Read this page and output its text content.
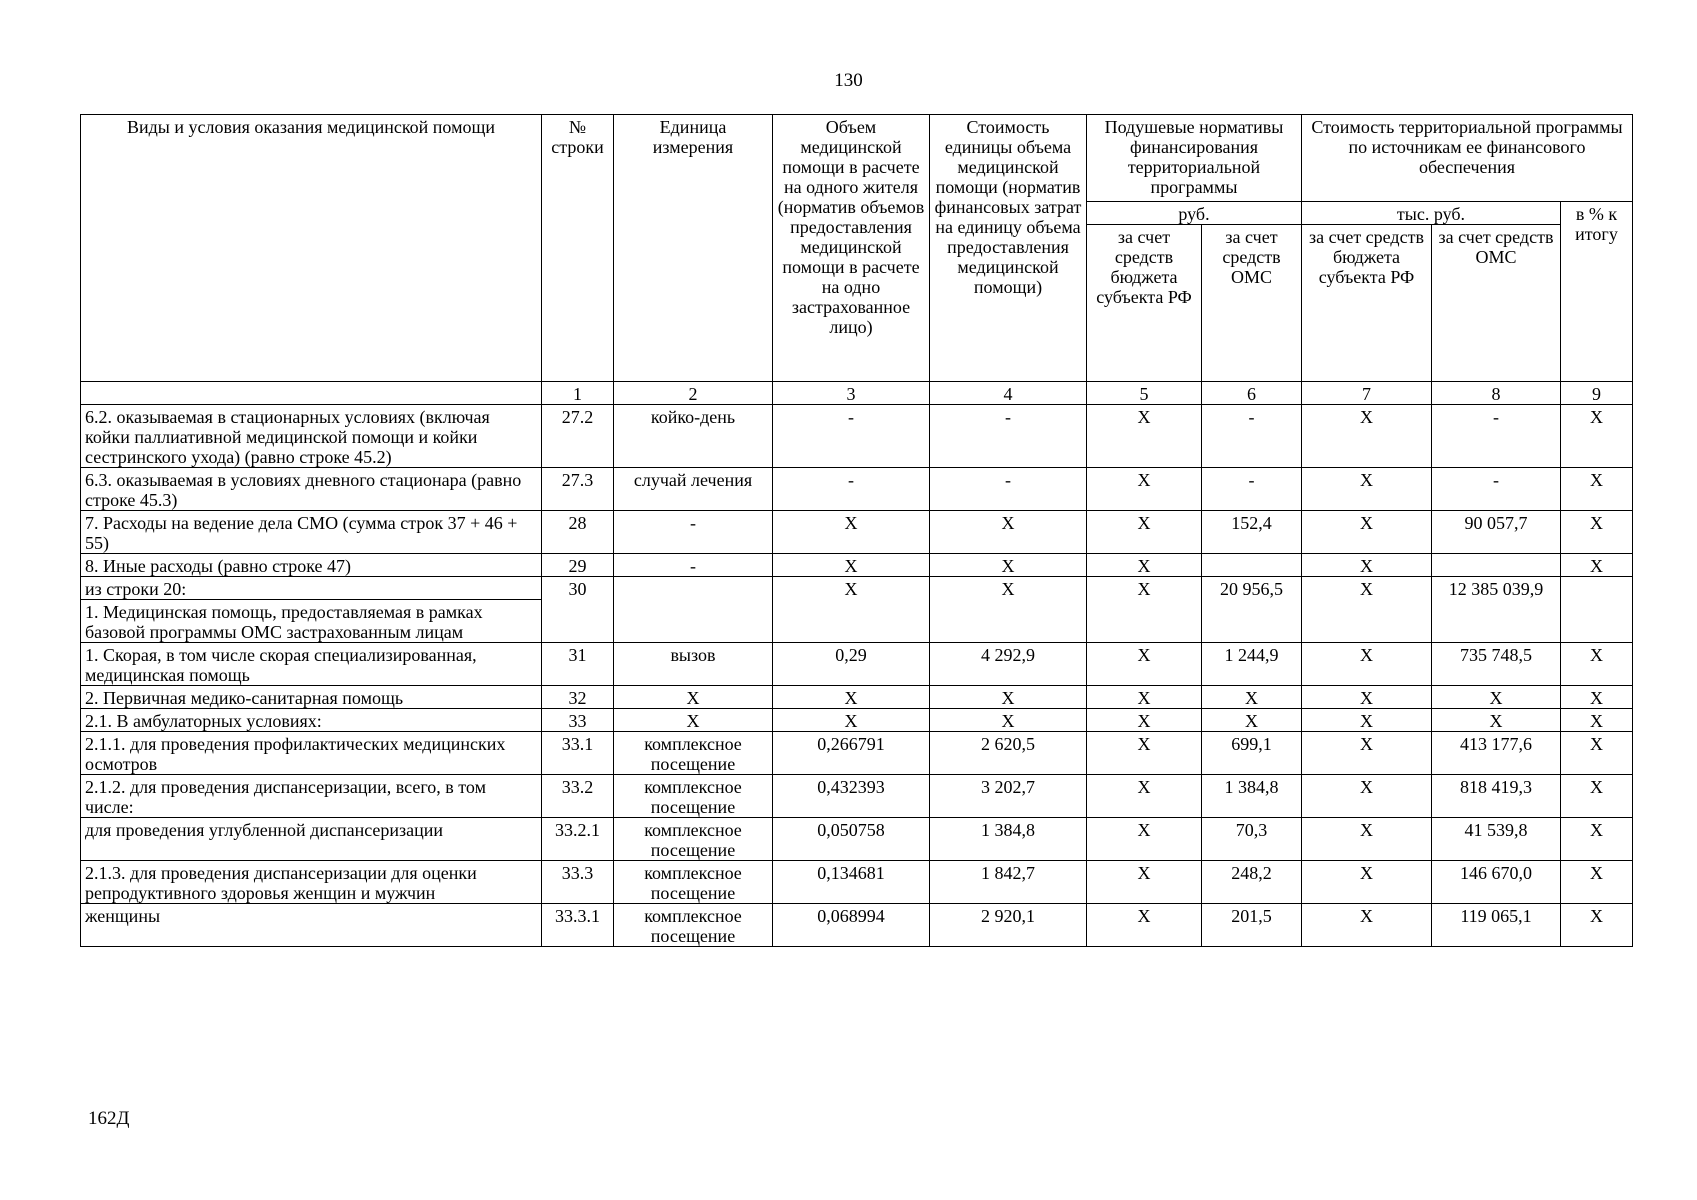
130
Виды и условия оказания медицинской помощи	№ строки	Единица измерения	Объем медицинской помощи в расчете на одного жителя (норматив объемов предоставления медицинской помощи в расчете на одно застрахованное лицо)	Стоимость единицы объема медицинской помощи (норматив финансовых затрат на единицу объема предоставления медицинской помощи)	Подушевые нормативы финансирования территориальной программы		Стоимость территориальной программы по источникам ее финансового обеспечения		
					руб.		тыс. руб.		в % к итогу
					за счет средств бюджета субъекта РФ	за счет средств ОМС	за счет средств бюджета субъекта РФ	за счет средств ОМС	
	1	2	3	4	5	6	7	8	9
6.2. оказываемая в стационарных условиях (включая койки паллиативной медицинской помощи и койки сестринского ухода) (равно строке 45.2)	27.2	койко-день	-	-	X	-	X	-	X
6.3. оказываемая в условиях дневного стационара (равно строке 45.3)	27.3	случай лечения	-	-	X	-	X	-	X
7. Расходы на ведение дела СМО (сумма строк 37 + 46 + 55)	28	-	X	X	X	152,4	X	90 057,7	X
8. Иные расходы (равно строке 47)	29	-	X	X	X		X		X
из строки 20:	30		X	X	X	20 956,5	X	12 385 039,9	
1. Медицинская помощь, предоставляемая в рамках базовой программы ОМС застрахованным лицам									
1. Скорая, в том числе скорая специализированная, медицинская помощь	31	вызов	0,29	4 292,9	X	1 244,9	X	735 748,5	X
2. Первичная медико-санитарная помощь	32	X	X	X	X	X	X	X	X
2.1. В амбулаторных условиях:	33	X	X	X	X	X	X	X	X
2.1.1. для проведения профилактических медицинских осмотров	33.1	комплексное посещение	0,266791	2 620,5	X	699,1	X	413 177,6	X
2.1.2. для проведения диспансеризации, всего, в том числе:	33.2	комплексное посещение	0,432393	3 202,7	X	1 384,8	X	818 419,3	X
для проведения углубленной диспансеризации	33.2.1	комплексное посещение	0,050758	1 384,8	X	70,3	X	41 539,8	X
2.1.3. для проведения диспансеризации для оценки репродуктивного здоровья женщин и мужчин	33.3	комплексное посещение	0,134681	1 842,7	X	248,2	X	146 670,0	X
женщины	33.3.1	комплексное посещение	0,068994	2 920,1	X	201,5	X	119 065,1	X
162Д
